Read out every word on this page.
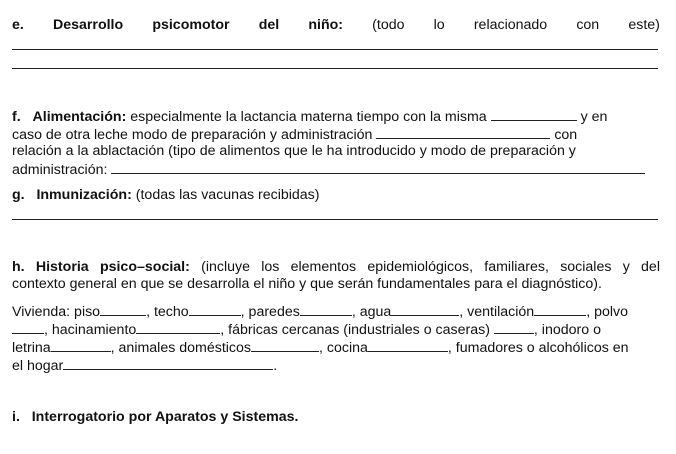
e. Desarrollo psicomotor del niño: (todo lo relacionado con este)
f. Alimentación: especialmente la lactancia materna tiempo con la misma	y en
caso de otra leche modo de preparación y administración	con
relación a la ablactación (tipo de alimentos que le ha introducido y modo de preparación y
administración:
g. Inmunización: (todas las vacunas recibidas)
h. Historia psico–social: (incluye los elementos epidemiológicos, familiares, sociales y del
contexto general en que se desarrolla el niño y que serán fundamentales para el diagnóstico).
Vivienda: piso	, techo	, paredes	, agua	, ventilación	, polvo
, hacinamiento	, fábricas cercanas (industriales o caseras)	, inodoro o
letrina	, animales domésticos	, cocina	, fumadores o alcohólicos en
el hogar	.
i. Interrogatorio por Aparatos y Sistemas.
